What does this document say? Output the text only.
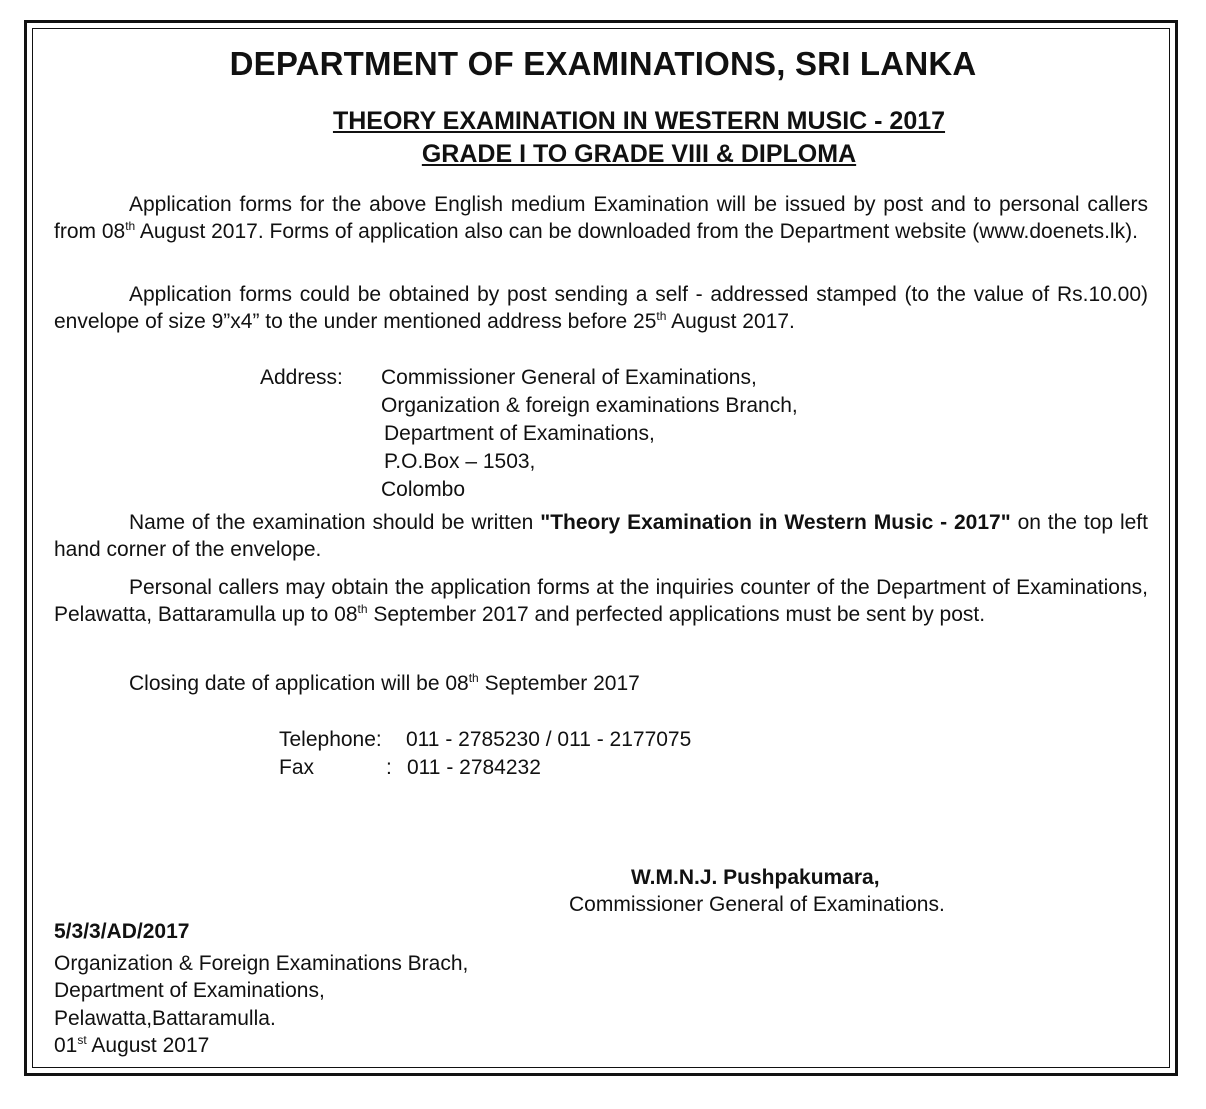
DEPARTMENT OF EXAMINATIONS, SRI LANKA
THEORY EXAMINATION IN WESTERN MUSIC - 2017
GRADE I TO GRADE VIII & DIPLOMA
Application forms for the above English medium Examination will be issued by post and to personal callers from 08th August 2017. Forms of application also can be downloaded from the Department website (www.doenets.lk).
Application forms could be obtained by post sending a self - addressed stamped (to the value of Rs.10.00) envelope of size 9”x4” to the under mentioned address before 25th August 2017.
Address: Commissioner General of Examinations,
Organization & foreign examinations Branch,
Department of Examinations,
P.O.Box – 1503,
Colombo
Name of the examination should be written "Theory Examination in Western Music - 2017" on the top left hand corner of the envelope.
Personal callers may obtain the application forms at the inquiries counter of the Department of Examinations, Pelawatta, Battaramulla up to 08th September 2017 and perfected applications must be sent by post.
Closing date of application will be 08th September 2017
Telephone: 011 - 2785230 / 011 - 2177075
Fax	: 011 - 2784232
W.M.N.J. Pushpakumara,
Commissioner General of Examinations.
5/3/3/AD/2017
Organization & Foreign Examinations Brach,
Department of Examinations,
Pelawatta,Battaramulla.
01st August 2017
